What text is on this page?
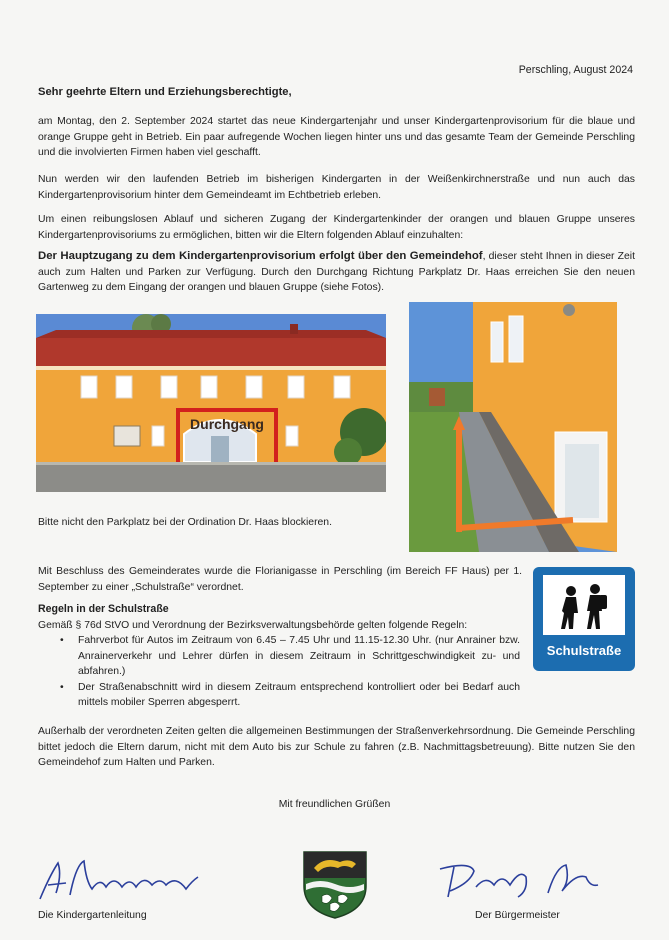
Perschling, August 2024
Sehr geehrte Eltern und Erziehungsberechtigte,
am Montag, den 2. September 2024 startet das neue Kindergartenjahr und unser Kindergartenprovisorium für die blaue und orange Gruppe geht in Betrieb. Ein paar aufregende Wochen liegen hinter uns und das gesamte Team der Gemeinde Perschling und die involvierten Firmen haben viel geschafft.
Nun werden wir den laufenden Betrieb im bisherigen Kindergarten in der Weißenkirchnerstraße und nun auch das Kindergartenprovisorium hinter dem Gemeindeamt im Echtbetrieb erleben.
Um einen reibungslosen Ablauf und sicheren Zugang der Kindergartenkinder der orangen und blauen Gruppe unseres Kindergartenprovisoriums zu ermöglichen, bitten wir die Eltern folgenden Ablauf einzuhalten:
Der Hauptzugang zu dem Kindergartenprovisorium erfolgt über den Gemeindehof, dieser steht Ihnen in dieser Zeit auch zum Halten und Parken zur Verfügung. Durch den Durchgang Richtung Parkplatz Dr. Haas erreichen Sie den neuen Gartenweg zu dem Eingang der orangen und blauen Gruppe (siehe Fotos).
Durchgang
Bitte nicht den Parkplatz bei der Ordination Dr. Haas blockieren.
Mit Beschluss des Gemeinderates wurde die Florianigasse in Perschling (im Bereich FF Haus) per 1. September zu einer „Schulstraße“ verordnet.
Regeln in der Schulstraße
Gemäß § 76d StVO und Verordnung der Bezirksverwaltungsbehörde gelten folgende Regeln:
• Fahrverbot für Autos im Zeitraum von 6.45 – 7.45 Uhr und 11.15-12.30 Uhr. (nur Anrainer bzw. Anrainerverkehr und Lehrer dürfen in diesem Zeitraum in Schrittgeschwindigkeit zu- und abfahren.)
• Der Straßenabschnitt wird in diesem Zeitraum entsprechend kontrolliert oder bei Bedarf auch mittels mobiler Sperren abgesperrt.
Schulstraße
Außerhalb der verordneten Zeiten gelten die allgemeinen Bestimmungen der Straßenverkehrsordnung. Die Gemeinde Perschling bittet jedoch die Eltern darum, nicht mit dem Auto bis zur Schule zu fahren (z.B. Nachmittagsbetreuung). Bitte nutzen Sie den Gemeindehof zum Halten und Parken.
Mit freundlichen Grüßen
Die Kindergartenleitung	Der Bürgermeister
